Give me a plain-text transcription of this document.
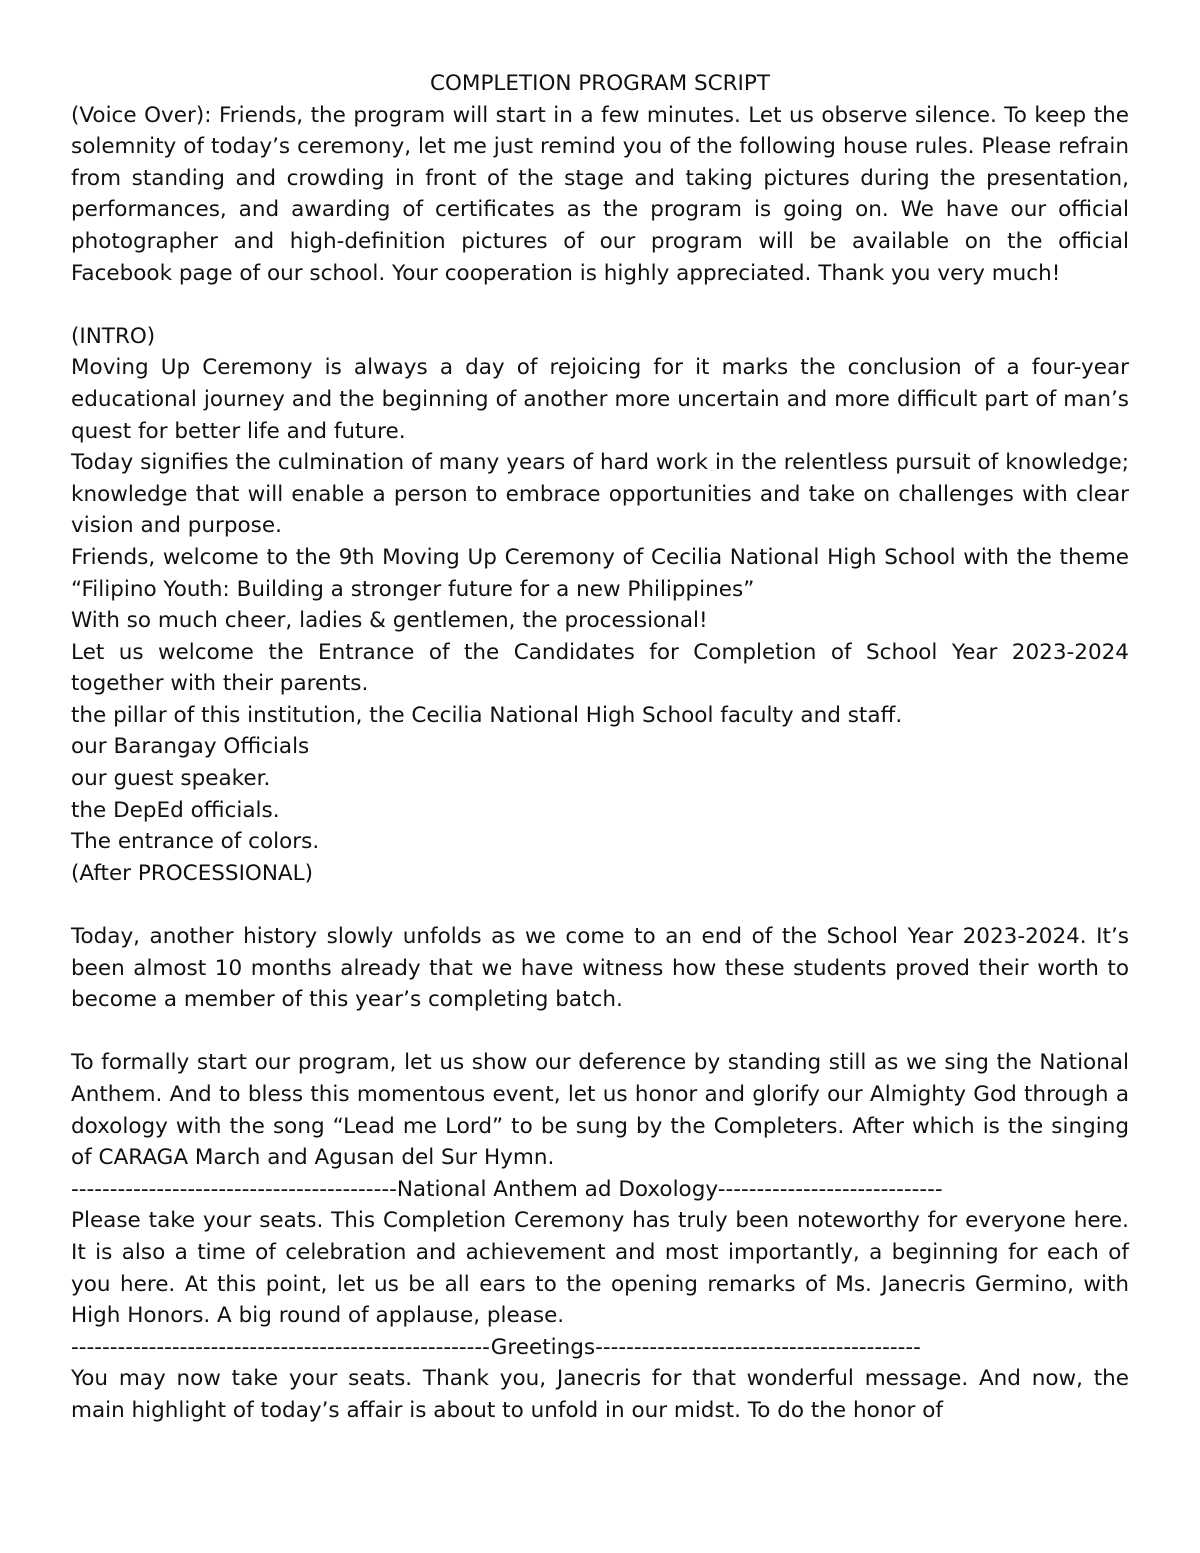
COMPLETION PROGRAM SCRIPT

(Voice Over): Friends, the program will start in a few minutes. Let us observe silence. To keep the solemnity of today’s ceremony, let me just remind you of the following house rules. Please refrain from standing and crowding in front of the stage and taking pictures during the presentation, performances, and awarding of certificates as the program is going on. We have our official photographer and high-definition pictures of our program will be available on the official Facebook page of our school. Your cooperation is highly appreciated. Thank you very much!

(INTRO)

Moving Up Ceremony is always a day of rejoicing for it marks the conclusion of a four-year educational journey and the beginning of another more uncertain and more difficult part of man’s quest for better life and future.

Today signifies the culmination of many years of hard work in the relentless pursuit of knowledge; knowledge that will enable a person to embrace opportunities and take on challenges with clear vision and purpose.

Friends, welcome to the 9th Moving Up Ceremony of Cecilia National High School with the theme “Filipino Youth: Building a stronger future for a new Philippines”

With so much cheer, ladies & gentlemen, the processional!

Let us welcome the Entrance of the Candidates for Completion of School Year 2023-2024 together with their parents.

the pillar of this institution, the Cecilia National High School faculty and staff.

our Barangay Officials

our guest speaker.

the DepEd officials.

The entrance of colors.

(After PROCESSIONAL)

Today, another history slowly unfolds as we come to an end of the School Year 2023-2024. It’s been almost 10 months already that we have witness how these students proved their worth to become a member of this year’s completing batch.

To formally start our program, let us show our deference by standing still as we sing the National Anthem. And to bless this momentous event, let us honor and glorify our Almighty God through a doxology with the song “Lead me Lord” to be sung by the Completers. After which is the singing of CARAGA March and Agusan del Sur Hymn.

------------------------------------------National Anthem ad Doxology-----------------------------

Please take your seats. This Completion Ceremony has truly been noteworthy for everyone here. It is also a time of celebration and achievement and most importantly, a beginning for each of you here. At this point, let us be all ears to the opening remarks of Ms. Janecris Germino, with High Honors. A big round of applause, please.

------------------------------------------------------Greetings------------------------------------------

You may now take your seats. Thank you, Janecris for that wonderful message. And now, the main highlight of today’s affair is about to unfold in our midst. To do the honor of
